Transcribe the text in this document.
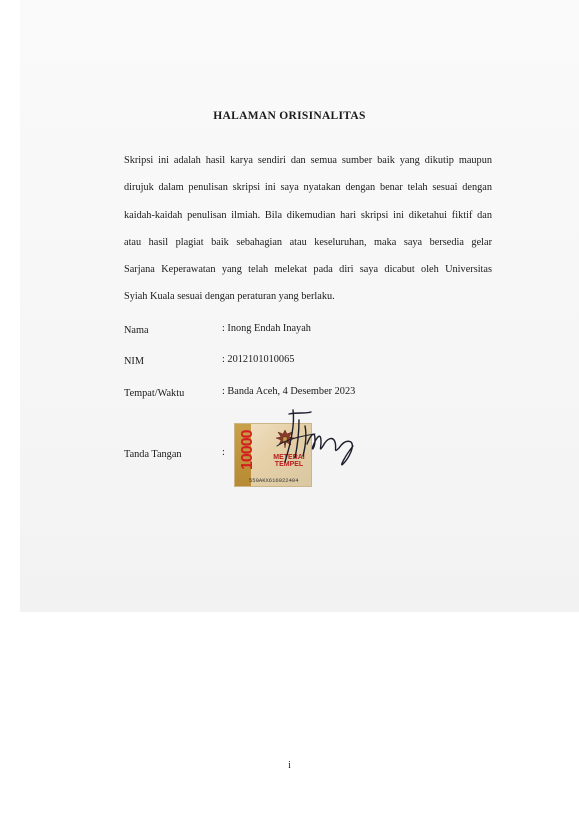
HALAMAN ORISINALITAS
Skripsi ini adalah hasil karya sendiri dan semua sumber baik yang dikutip maupun
dirujuk dalam penulisan skripsi ini saya nyatakan dengan benar telah sesuai dengan
kaidah-kaidah penulisan ilmiah. Bila dikemudian hari skripsi ini diketahui fiktif dan
atau hasil plagiat baik sebahagian atau keseluruhan, maka saya bersedia gelar
Sarjana Keperawatan yang telah melekat pada diri saya dicabut oleh Universitas
Syiah Kuala sesuai dengan peraturan yang berlaku.
Nama	: Inong Endah Inayah
NIM	: 2012101010065
Tempat/Waktu	: Banda Aceh, 4 Desember 2023
Tanda Tangan	: 10000	METERAI TEMPEL
550AKX616022404
i
